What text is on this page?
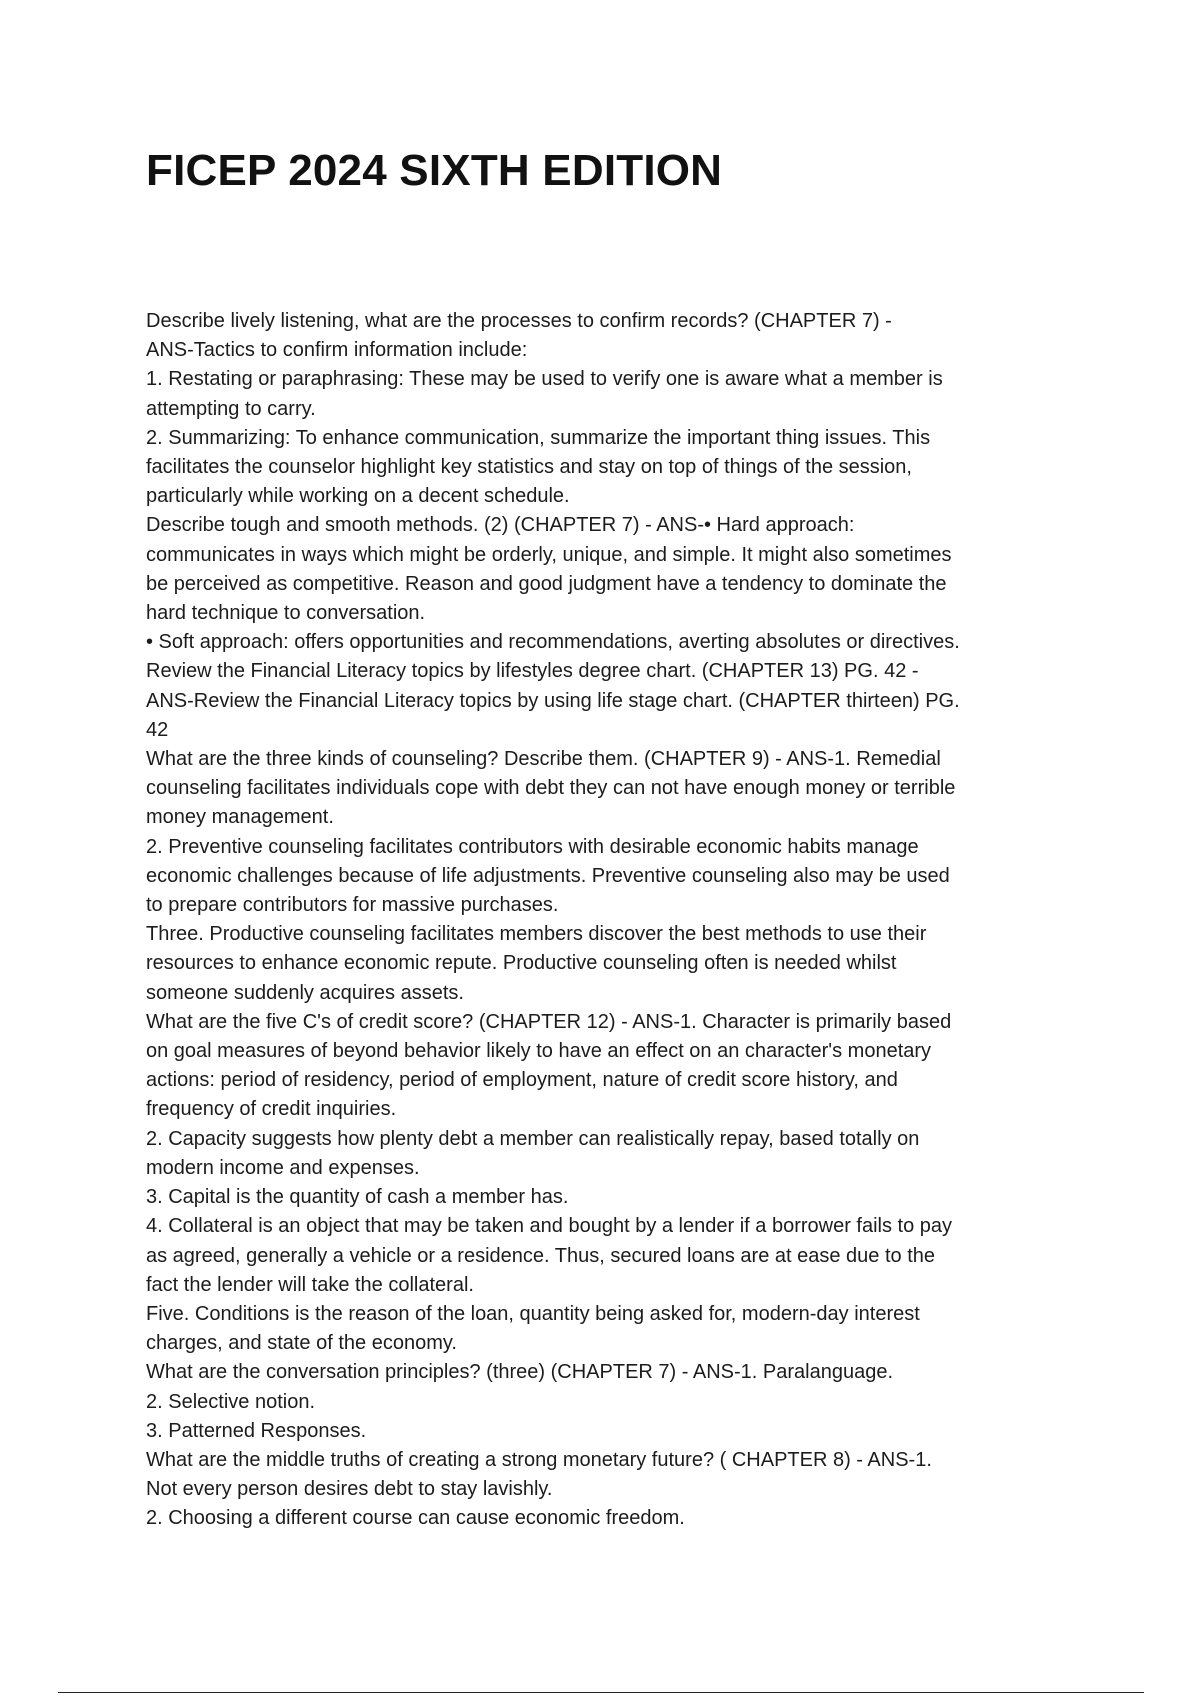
FICEP 2024 SIXTH EDITION

Describe lively listening, what are the processes to confirm records? (CHAPTER 7) -

ANS-Tactics to confirm information include:

1. Restating or paraphrasing: These may be used to verify one is aware what a member is

attempting to carry.

2. Summarizing: To enhance communication, summarize the important thing issues. This

facilitates the counselor highlight key statistics and stay on top of things of the session,

particularly while working on a decent schedule.

Describe tough and smooth methods. (2) (CHAPTER 7) - ANS-• Hard approach:

communicates in ways which might be orderly, unique, and simple. It might also sometimes

be perceived as competitive. Reason and good judgment have a tendency to dominate the

hard technique to conversation.

• Soft approach: offers opportunities and recommendations, averting absolutes or directives.

Review the Financial Literacy topics by lifestyles degree chart. (CHAPTER 13) PG. 42 -

ANS-Review the Financial Literacy topics by using life stage chart. (CHAPTER thirteen) PG.

42

What are the three kinds of counseling? Describe them. (CHAPTER 9) - ANS-1. Remedial

counseling facilitates individuals cope with debt they can not have enough money or terrible

money management.

2. Preventive counseling facilitates contributors with desirable economic habits manage

economic challenges because of life adjustments. Preventive counseling also may be used

to prepare contributors for massive purchases.

Three. Productive counseling facilitates members discover the best methods to use their

resources to enhance economic repute. Productive counseling often is needed whilst

someone suddenly acquires assets.

What are the five C's of credit score? (CHAPTER 12) - ANS-1. Character is primarily based

on goal measures of beyond behavior likely to have an effect on an character's monetary

actions: period of residency, period of employment, nature of credit score history, and

frequency of credit inquiries.

2. Capacity suggests how plenty debt a member can realistically repay, based totally on

modern income and expenses.

3. Capital is the quantity of cash a member has.

4. Collateral is an object that may be taken and bought by a lender if a borrower fails to pay

as agreed, generally a vehicle or a residence. Thus, secured loans are at ease due to the

fact the lender will take the collateral.

Five. Conditions is the reason of the loan, quantity being asked for, modern-day interest

charges, and state of the economy.

What are the conversation principles? (three) (CHAPTER 7) - ANS-1. Paralanguage.

2. Selective notion.

3. Patterned Responses.

What are the middle truths of creating a strong monetary future? ( CHAPTER 8) - ANS-1.

Not every person desires debt to stay lavishly.

2. Choosing a different course can cause economic freedom.
